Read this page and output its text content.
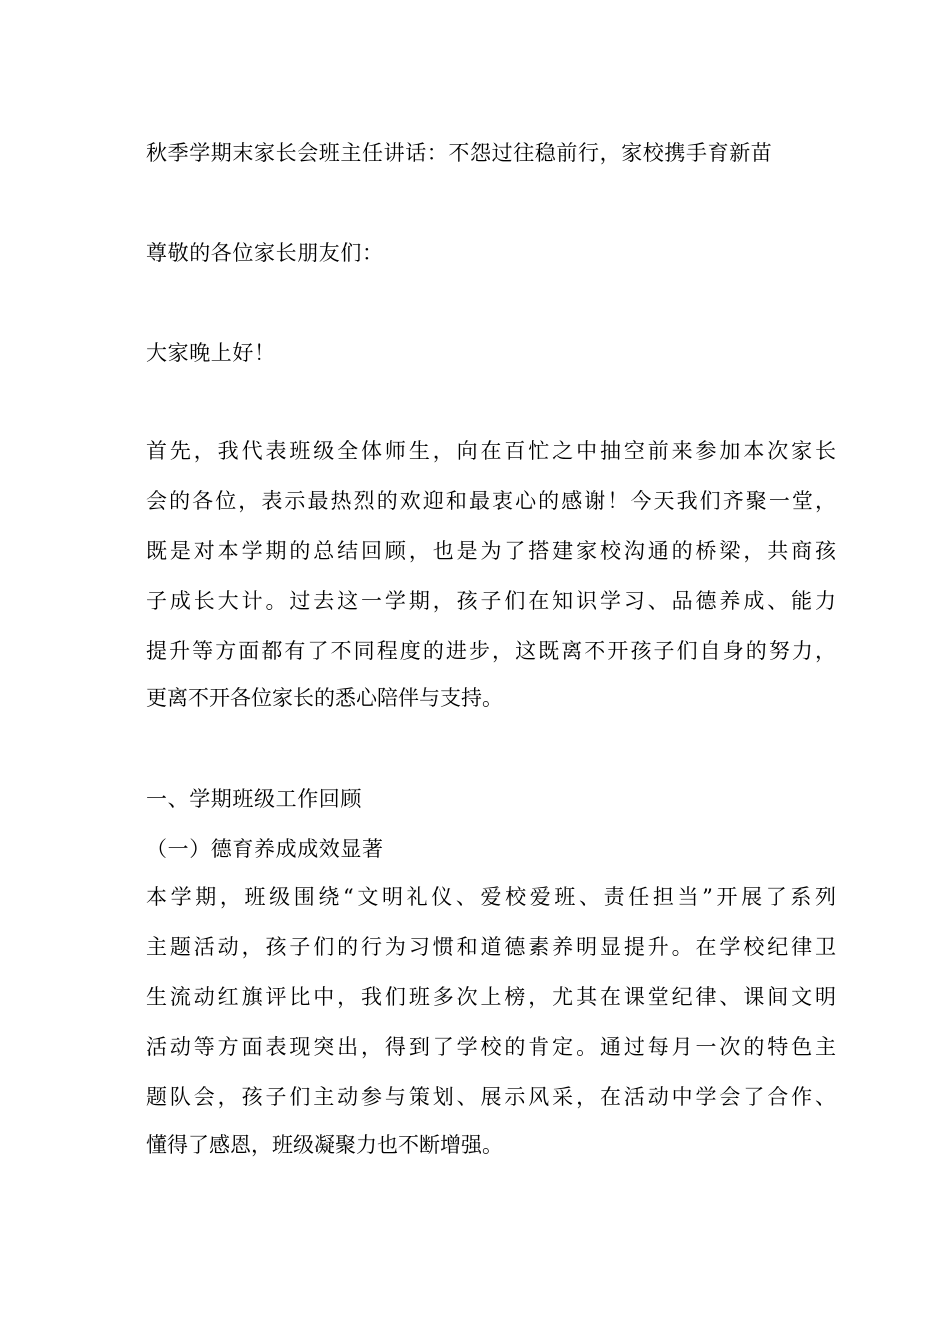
秋季学期末家长会班主任讲话：不怨过往稳前行，家校携手育新苗
尊敬的各位家长朋友们：
大家晚上好！
首先，我代表班级全体师生，向在百忙之中抽空前来参加本次家长
会的各位，表示最热烈的欢迎和最衷心的感谢！今天我们齐聚一堂，
既是对本学期的总结回顾，也是为了搭建家校沟通的桥梁，共商孩
子成长大计。过去这一学期，孩子们在知识学习、品德养成、能力
提升等方面都有了不同程度的进步，这既离不开孩子们自身的努力，
更离不开各位家长的悉心陪伴与支持。
一、学期班级工作回顾
（一）德育养成成效显著
本学期，班级围绕“文明礼仪、爱校爱班、责任担当”开展了系列
主题活动，孩子们的行为习惯和道德素养明显提升。在学校纪律卫
生流动红旗评比中，我们班多次上榜，尤其在课堂纪律、课间文明
活动等方面表现突出，得到了学校的肯定。通过每月一次的特色主
题队会，孩子们主动参与策划、展示风采，在活动中学会了合作、
懂得了感恩，班级凝聚力也不断增强。
